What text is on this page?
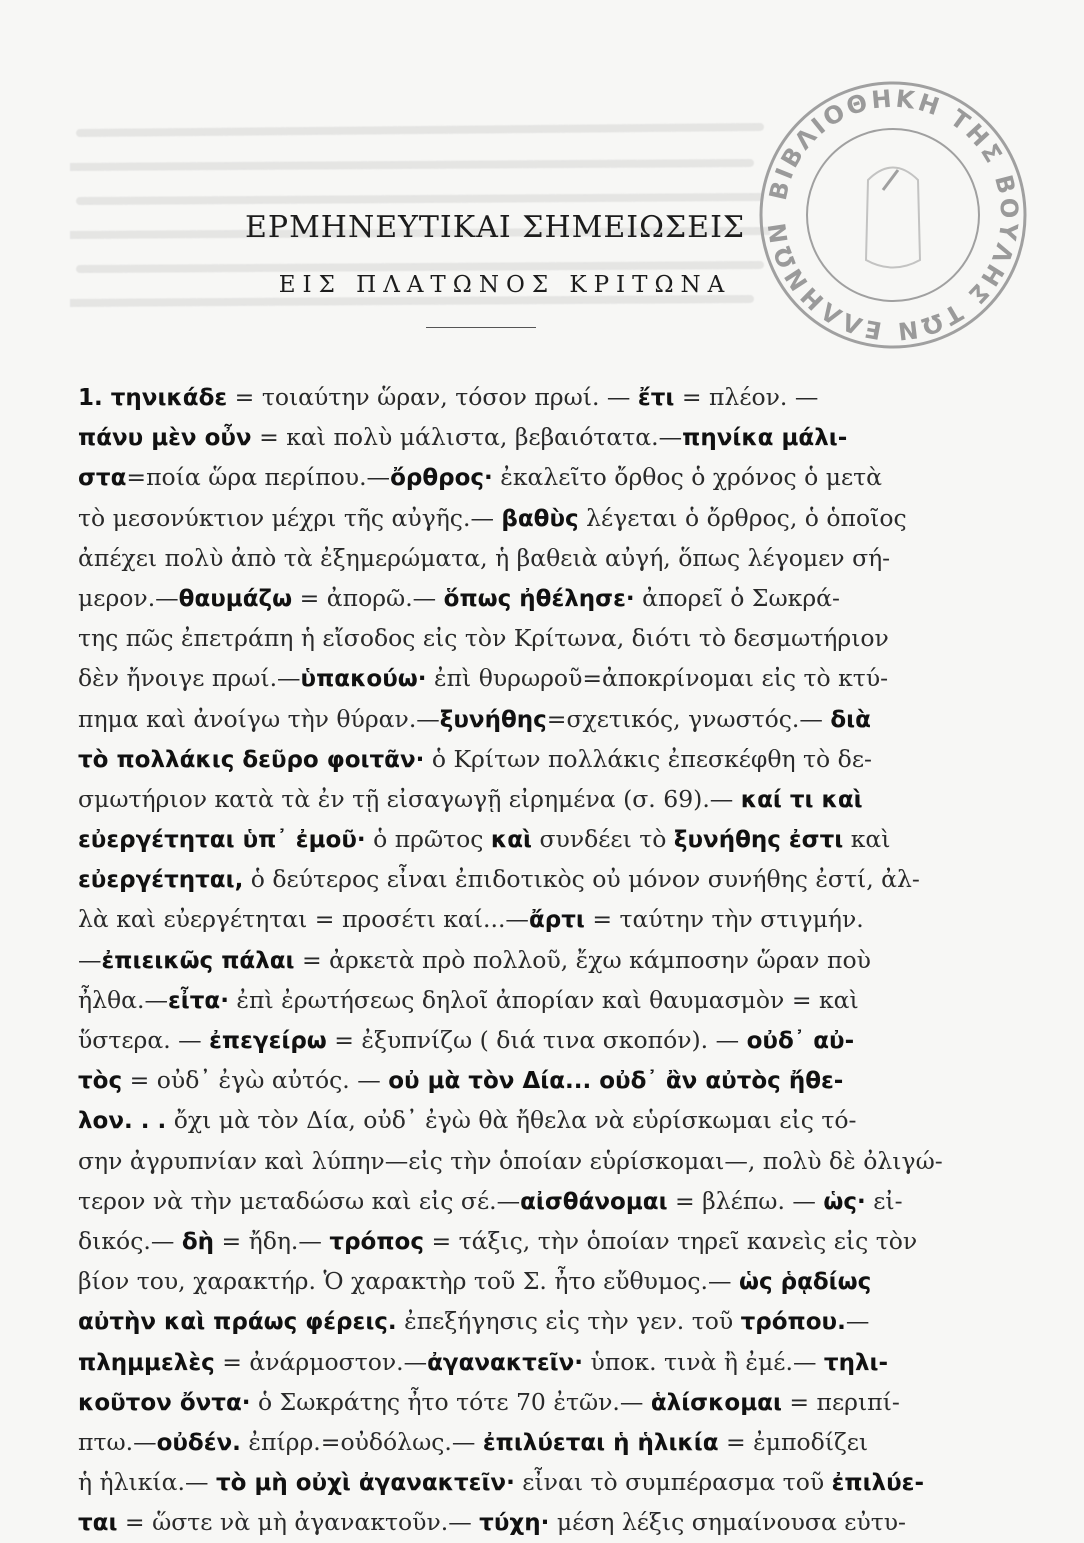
ΕΡΜΗΝΕΥΤΙΚΑΙ ΣΗΜΕΙΩΣΕΙΣ
ΕΙΣ ΠΛΑΤΩΝΟΣ ΚΡΙΤΩΝΑ
ΒΙΒΛΙΟΘΗΚΗ ΤΗΣ ΒΟΥΛΗΣ ΤΩΝ ΕΛΛΗΝΩΝ
1. τηνικάδε = τοιαύτην ὥραν, τόσον πρωί. — ἔτι = πλέον. —
πάνυ μὲν οὖν = καὶ πολὺ μάλιστα, βεβαιότατα.—πηνίκα μάλι-
στα=ποία ὥρα περίπου.—ὄρθρος· ἐκαλεῖτο ὄρθος ὁ χρόνος ὁ μετὰ
τὸ μεσονύκτιον μέχρι τῆς αὐγῆς.— βαθὺς λέγεται ὁ ὄρθρος, ὁ ὁποῖος
ἀπέχει πολὺ ἀπὸ τὰ ἐξημερώματα, ἡ βαθειὰ αὐγή, ὅπως λέγομεν σή-
μερον.—θαυμάζω = ἀπορῶ.— ὅπως ἠθέλησε· ἀπορεῖ ὁ Σωκρά-
της πῶς ἐπετράπη ἡ εἴσοδος εἰς τὸν Κρίτωνα, διότι τὸ δεσμωτήριον
δὲν ἤνοιγε πρωί.—ὑπακούω· ἐπὶ θυρωροῦ=ἀποκρίνομαι εἰς τὸ κτύ-
πημα καὶ ἀνοίγω τὴν θύραν.—ξυνήθης=σχετικός, γνωστός.— διὰ
τὸ πολλάκις δεῦρο φοιτᾶν· ὁ Κρίτων πολλάκις ἐπεσκέφθη τὸ δε-
σμωτήριον κατὰ τὰ ἐν τῇ εἰσαγωγῇ εἰρημένα (σ. 69).— καί τι καὶ
εὐεργέτηται ὑπ᾽ ἐμοῦ· ὁ πρῶτος καὶ συνδέει τὸ ξυνήθης ἐστι καὶ
εὐεργέτηται, ὁ δεύτερος εἶναι ἐπιδοτικὸς οὐ μόνον συνήθης ἐστί, ἀλ-
λὰ καὶ εὐεργέτηται = προσέτι καί...—ἄρτι = ταύτην τὴν στιγμήν.
—ἐπιεικῶς πάλαι = ἀρκετὰ πρὸ πολλοῦ, ἔχω κάμποσην ὥραν ποὺ
ἦλθα.—εἶτα· ἐπὶ ἐρωτήσεως δηλοῖ ἀπορίαν καὶ θαυμασμὸν = καὶ
ὕστερα. — ἐπεγείρω = ἐξυπνίζω ( διά τινα σκοπόν). — οὐδ᾽ αὐ-
τὸς = οὐδ᾽ ἐγὼ αὐτός. — οὐ μὰ τὸν Δία... οὐδ᾽ ἂν αὐτὸς ἤθε-
λον. . . ὄχι μὰ τὸν Δία, οὐδ᾽ ἐγὼ θὰ ἤθελα νὰ εὑρίσκωμαι εἰς τό-
σην ἀγρυπνίαν καὶ λύπην—εἰς τὴν ὁποίαν εὑρίσκομαι—, πολὺ δὲ ὀλιγώ-
τερον νὰ τὴν μεταδώσω καὶ εἰς σέ.—αἰσθάνομαι = βλέπω. — ὡς· εἰ-
δικός.— δὴ = ἤδη.— τρόπος = τάξις, τὴν ὁποίαν τηρεῖ κανεὶς εἰς τὸν
βίον του, χαρακτήρ. Ὁ χαρακτὴρ τοῦ Σ. ἦτο εὔθυμος.— ὡς ῥᾳδίως
αὐτὴν καὶ πράως φέρεις. ἐπεξήγησις εἰς τὴν γεν. τοῦ τρόπου.—
πλημμελὲς = ἀνάρμοστον.—ἀγανακτεῖν· ὑποκ. τινὰ ἢ ἐμέ.— τηλι-
κοῦτον ὄντα· ὁ Σωκράτης ἦτο τότε 70 ἐτῶν.— ἁλίσκομαι = περιπί-
πτω.—οὐδέν. ἐπίρρ.=οὐδόλως.— ἐπιλύεται ἡ ἡλικία = ἐμποδίζει
ἡ ἡλικία.— τὸ μὴ οὐχὶ ἀγανακτεῖν· εἶναι τὸ συμπέρασμα τοῦ ἐπιλύε-
ται = ὥστε νὰ μὴ ἀγανακτοῦν.— τύχη· μέση λέξις σημαίνουσα εὐτυ-
